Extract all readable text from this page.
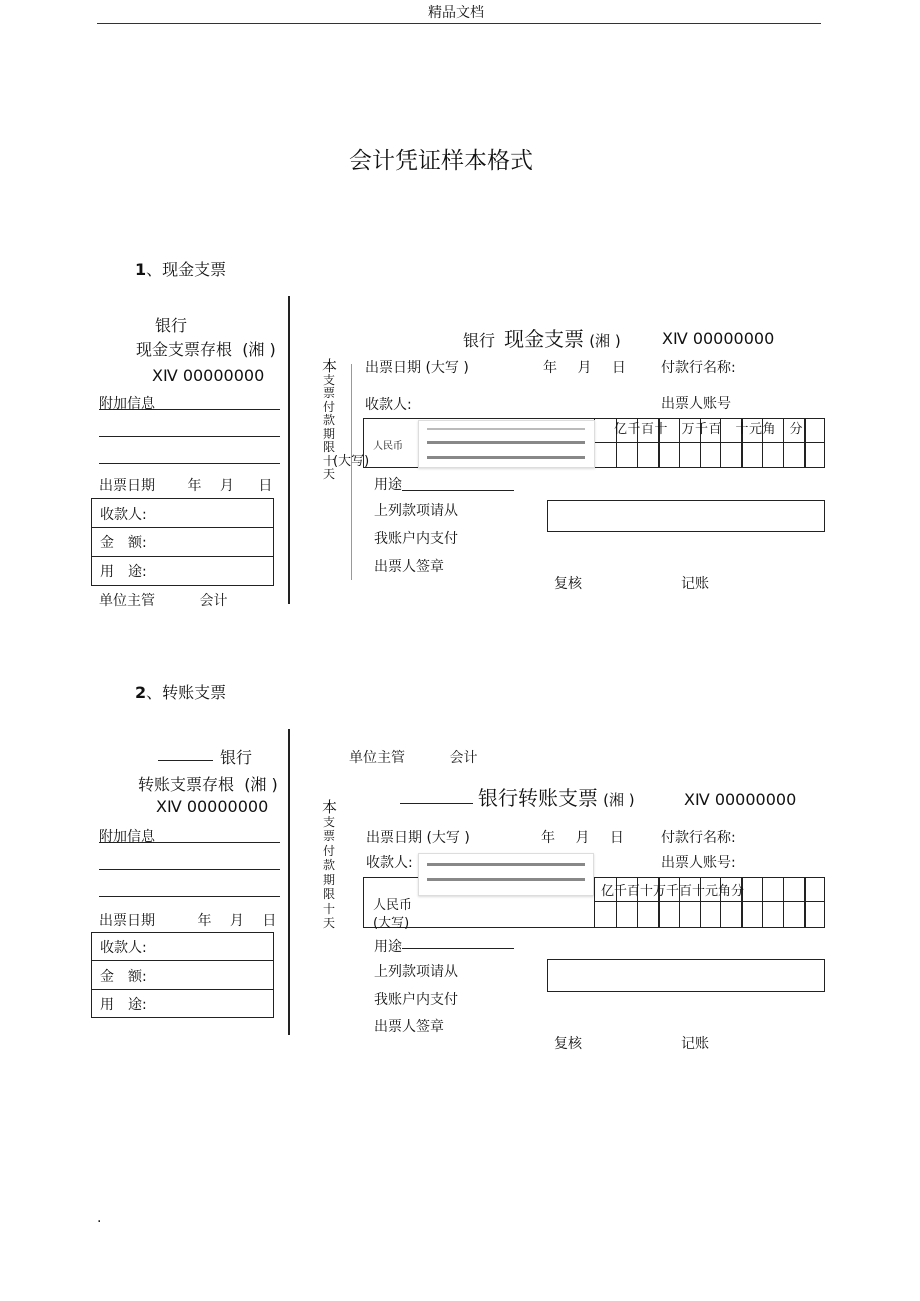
精品文档
会计凭证样本格式
1、现金支票
银行
现金支票存根 (湘 )
XⅣ 00000000
附加信息
出票日期 年 月 日
收款人:
金　额:
用　途:
单位主管	会计
本
支
票
付
款
期
限
十
天
(大写)
银行 现金支票 (湘 )	XⅣ 00000000
出票日期 (大写 )	年 月 日	付款行名称:
收款人:	出票人账号
人民币
亿千百十　万千百　十元角　分
用途
上列款项请从
我账户内支付
出票人签章
复核	记账
2、转账支票
银行
转账支票存根 (湘 )
XⅣ 00000000
附加信息
出票日期	年 月 日
收款人:
金　额:
用　途:
本
支
票
付
款
期
限
十
天
单位主管	会计
银行转账支票 (湘 )	XⅣ 00000000
出票日期 (大写 )	年 月 日	付款行名称:
收款人:	出票人账号:
人民币
(大写)
亿千百十万千百十元角分
用途
上列款项请从
我账户内支付
出票人签章
复核	记账
.
